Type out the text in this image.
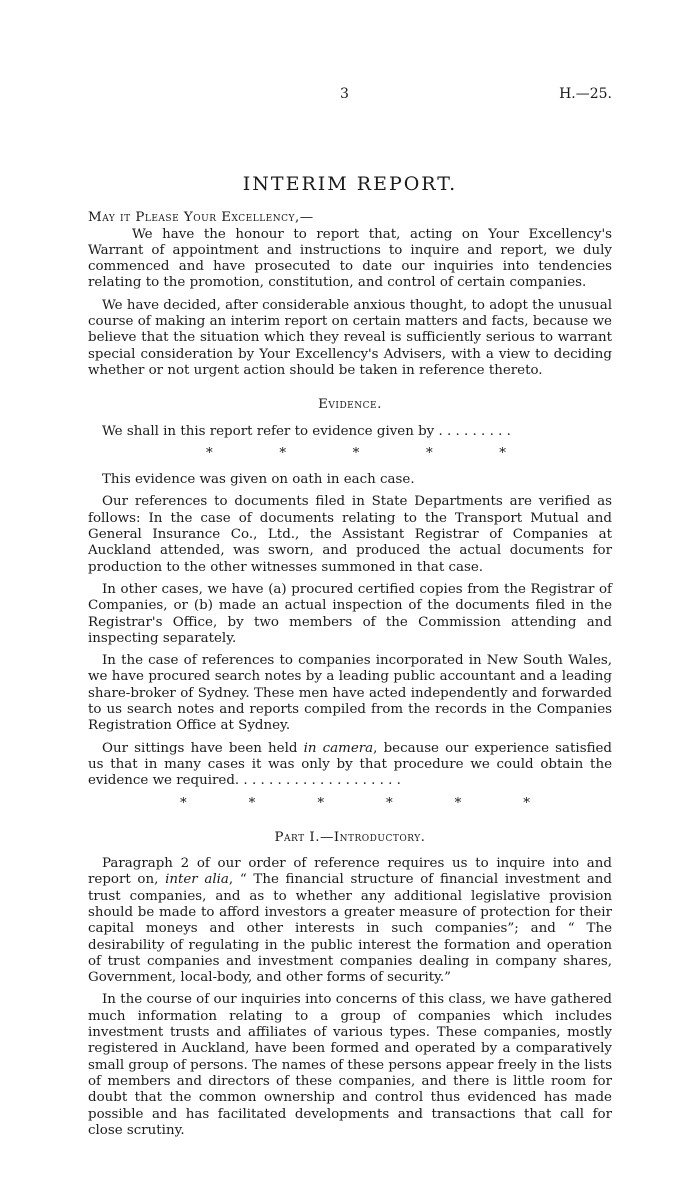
3	H.—25.
INTERIM REPORT.

May it Please Your Excellency,—

We have the honour to report that, acting on Your Excellency's Warrant of appointment and instructions to inquire and report, we duly commenced and have prosecuted to date our inquiries into tendencies relating to the promotion, constitution, and control of certain companies.

We have decided, after considerable anxious thought, to adopt the unusual course of making an interim report on certain matters and facts, because we believe that the situation which they reveal is sufficiently serious to warrant special consideration by Your Excellency's Advisers, with a view to deciding whether or not urgent action should be taken in reference thereto.

Evidence.

We shall in this report refer to evidence given by . . . . . . . . .

*	*	*	*	*

This evidence was given on oath in each case.

Our references to documents filed in State Departments are verified as follows: In the case of documents relating to the Transport Mutual and General Insurance Co., Ltd., the Assistant Registrar of Companies at Auckland attended, was sworn, and produced the actual documents for production to the other witnesses summoned in that case.

In other cases, we have (a) procured certified copies from the Registrar of Companies, or (b) made an actual inspection of the documents filed in the Registrar's Office, by two members of the Commission attending and inspecting separately.

In the case of references to companies incorporated in New South Wales, we have procured search notes by a leading public accountant and a leading share-broker of Sydney. These men have acted independently and forwarded to us search notes and reports compiled from the records in the Companies Registration Office at Sydney.

Our sittings have been held in camera, because our experience satisfied us that in many cases it was only by that procedure we could obtain the evidence we required. . . . . . . . . . . . . . . . . . . .

*	*	*	*	*	*
Part I.—Introductory.

Paragraph 2 of our order of reference requires us to inquire into and report on, inter alia, “ The financial structure of financial investment and trust companies, and as to whether any additional legislative provision should be made to afford investors a greater measure of protection for their capital moneys and other interests in such companies”; and “ The desirability of regulating in the public interest the formation and operation of trust companies and investment companies dealing in company shares, Government, local-body, and other forms of security.”

In the course of our inquiries into concerns of this class, we have gathered much information relating to a group of companies which includes investment trusts and affiliates of various types. These companies, mostly registered in Auckland, have been formed and operated by a comparatively small group of persons. The names of these persons appear freely in the lists of members and directors of these companies, and there is little room for doubt that the common ownership and control thus evidenced has made possible and has facilitated developments and transactions that call for close scrutiny.
